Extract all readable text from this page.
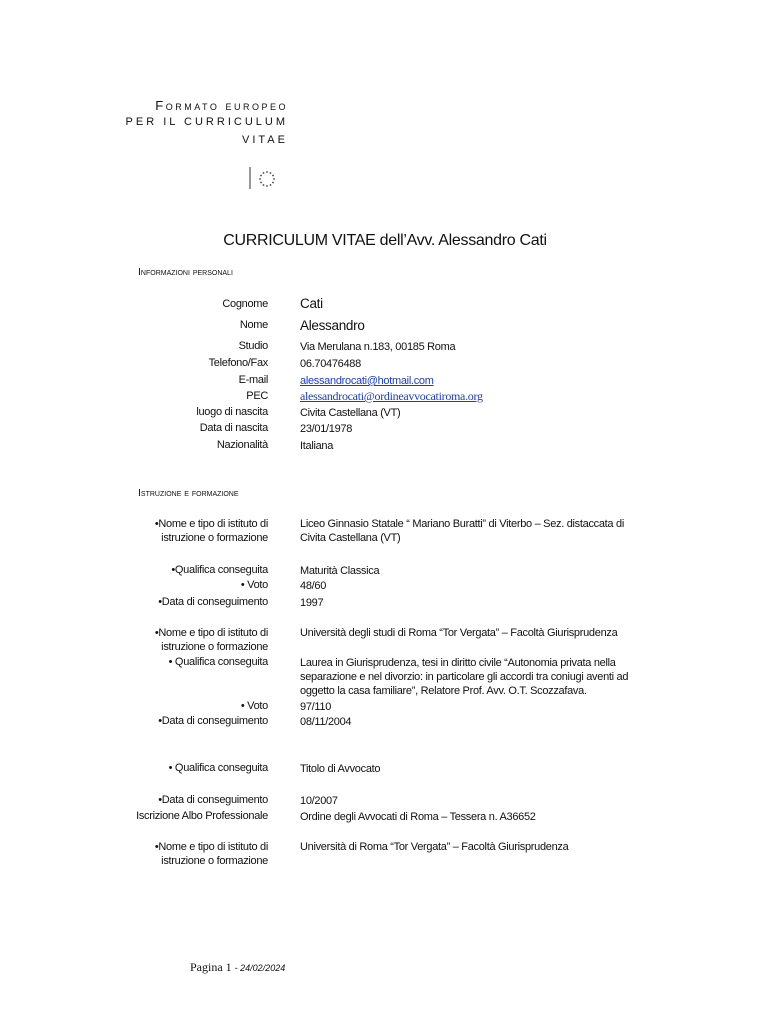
Formato europeo
PER IL CURRICULUM
VITAE
CURRICULUM VITAE dell’Avv. Alessandro Cati
Informazioni personali
Cognome Cati
Nome Alessandro
Studio	Via Merulana n.183, 00185 Roma
Telefono/Fax	06.70476488
E-mail	alessandrocati@hotmail.com
PEC	alessandrocati@ordineavvocatiroma.org
luogo di nascita	Civita Castellana (VT)
Data di nascita	23/01/1978
Nazionalità	Italiana
Istruzione e formazione
•Nome e tipo di istituto di
istruzione o formazione
Liceo Ginnasio Statale “ Mariano Buratti” di Viterbo – Sez. distaccata di
Civita Castellana (VT)
•Qualifica conseguita	Maturità Classica
• Voto	48/60
•Data di conseguimento	1997
•Nome e tipo di istituto di
istruzione o formazione
Università degli studi di Roma “Tor Vergata” – Facoltà Giurisprudenza
• Qualifica conseguita	Laurea in Giurisprudenza, tesi in diritto civile “Autonomia privata nella
separazione e nel divorzio: in particolare gli accordi tra coniugi aventi ad
oggetto la casa familiare”, Relatore Prof. Avv. O.T. Scozzafava.
• Voto	97/110
•Data di conseguimento	08/11/2004
• Qualifica conseguita	Titolo di Avvocato
•Data di conseguimento	10/2007
Iscrizione Albo Professionale	Ordine degli Avvocati di Roma – Tessera n. A36652
•Nome e tipo di istituto di
istruzione o formazione
Università di Roma “Tor Vergata” – Facoltà Giurisprudenza
Pagina 1 - 24/02/2024
